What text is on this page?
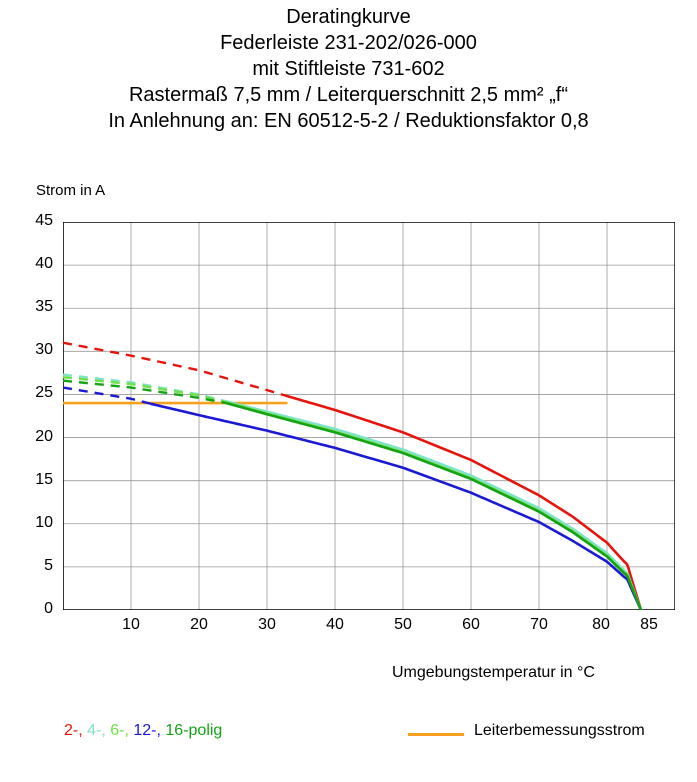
Deratingkurve
Federleiste 231-202/026-000
mit Stiftleiste 731-602
Rastermaß 7,5 mm / Leiterquerschnitt 2,5 mm² „f“
In Anlehnung an: EN 60512-5-2 / Reduktionsfaktor 0,8
Strom in A
Umgebungstemperatur in °C
0
5
10
15
20
25
30
35
40
45
10	20	30	40	50	60	70	80	85
2-, 4-, 6-, 12-, 16-polig	Leiterbemessungsstrom
